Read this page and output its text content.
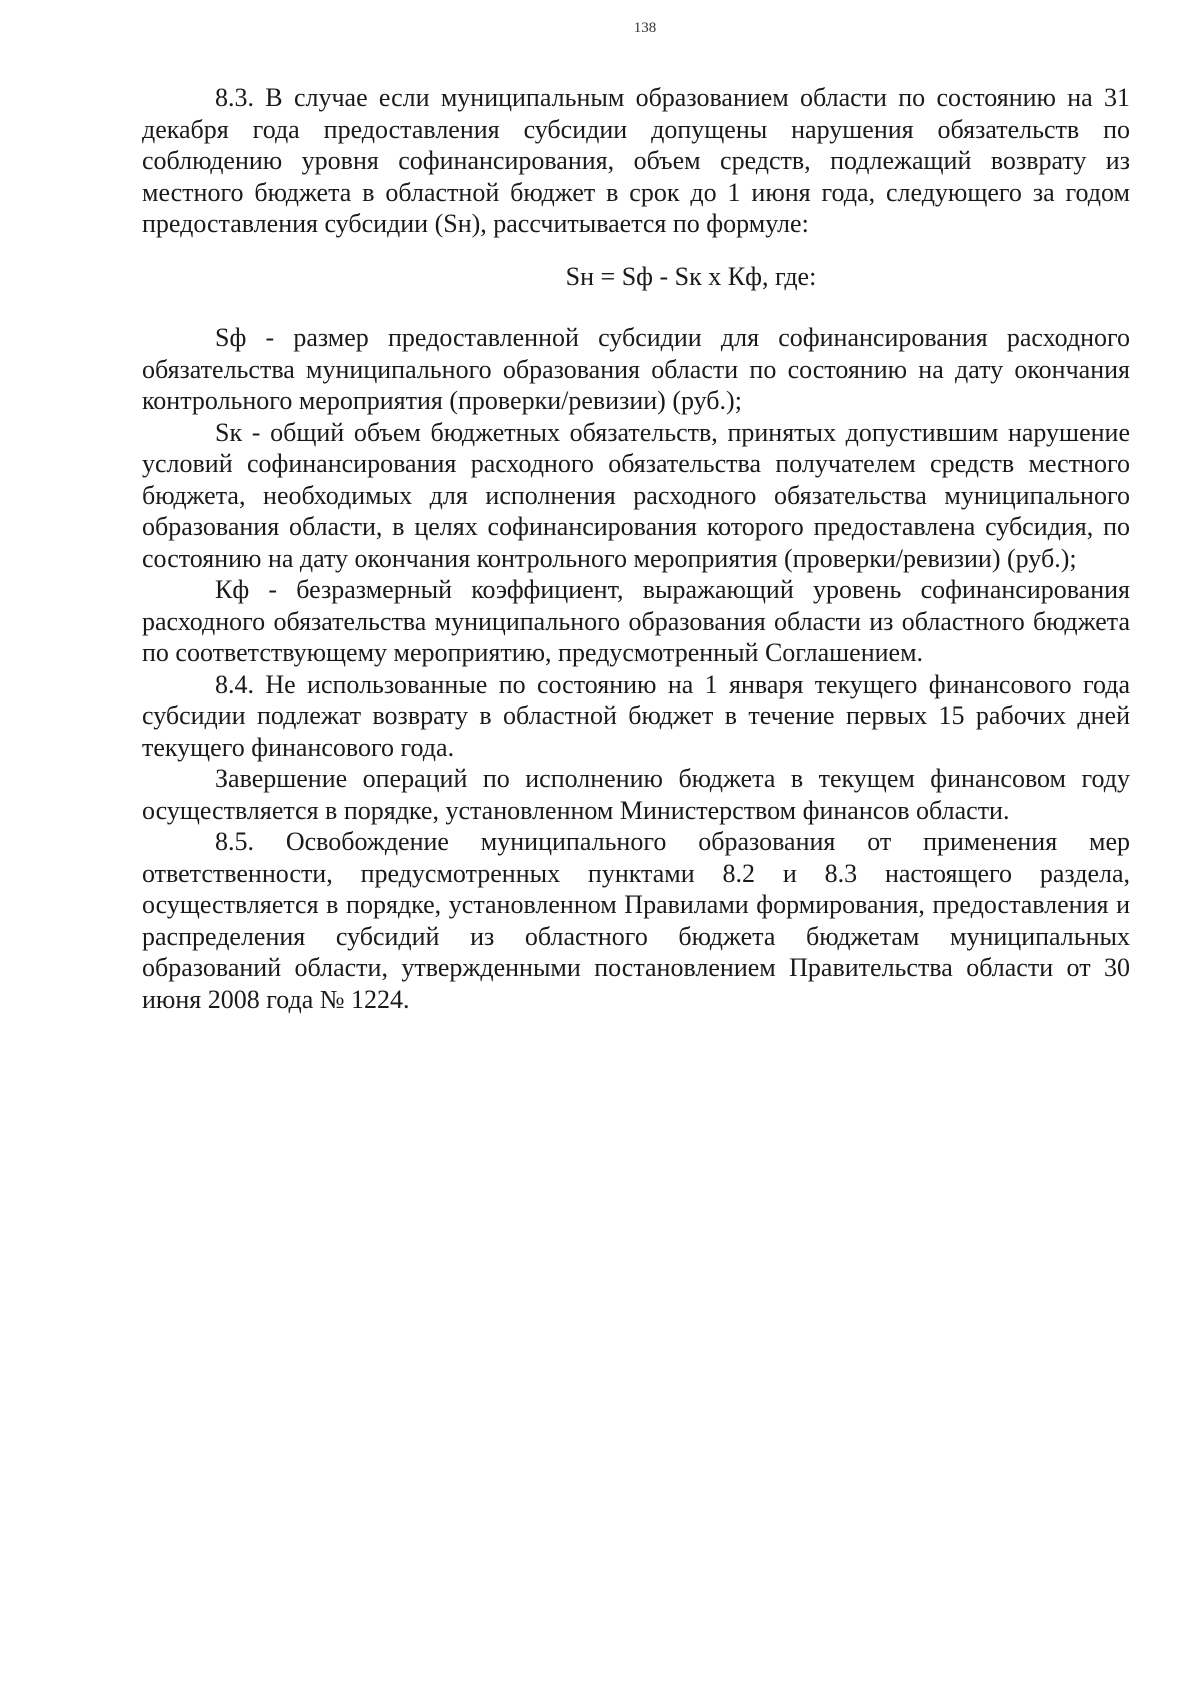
138

8.3. В случае если муниципальным образованием области по состоянию на 31 декабря года предоставления субсидии допущены нарушения обязательств по соблюдению уровня софинансирования, объем средств, подлежащий возврату из местного бюджета в областной бюджет в срок до 1 июня года, следующего за годом предоставления субсидии (Sн), рассчитывается по формуле:

Sн = Sф - Sк х Кф, где:

Sф - размер предоставленной субсидии для софинансирования расходного обязательства муниципального образования области по состоянию на дату окончания контрольного мероприятия (проверки/ревизии) (руб.);

Sк - общий объем бюджетных обязательств, принятых допустившим нарушение условий софинансирования расходного обязательства получателем средств местного бюджета, необходимых для исполнения расходного обязательства муниципального образования области, в целях софинансирования которого предоставлена субсидия, по состоянию на дату окончания контрольного мероприятия (проверки/ревизии) (руб.);

Кф - безразмерный коэффициент, выражающий уровень софинансирования расходного обязательства муниципального образования области из областного бюджета по соответствующему мероприятию, предусмотренный Соглашением.

8.4. Не использованные по состоянию на 1 января текущего финансового года субсидии подлежат возврату в областной бюджет в течение первых 15 рабочих дней текущего финансового года.

Завершение операций по исполнению бюджета в текущем финансовом году осуществляется в порядке, установленном Министерством финансов области.

8.5. Освобождение муниципального образования от применения мер ответственности, предусмотренных пунктами 8.2 и 8.3 настоящего раздела, осуществляется в порядке, установленном Правилами формирования, предоставления и распределения субсидий из областного бюджета бюджетам муниципальных образований области, утвержденными постановлением Правительства области от 30 июня 2008 года № 1224.
